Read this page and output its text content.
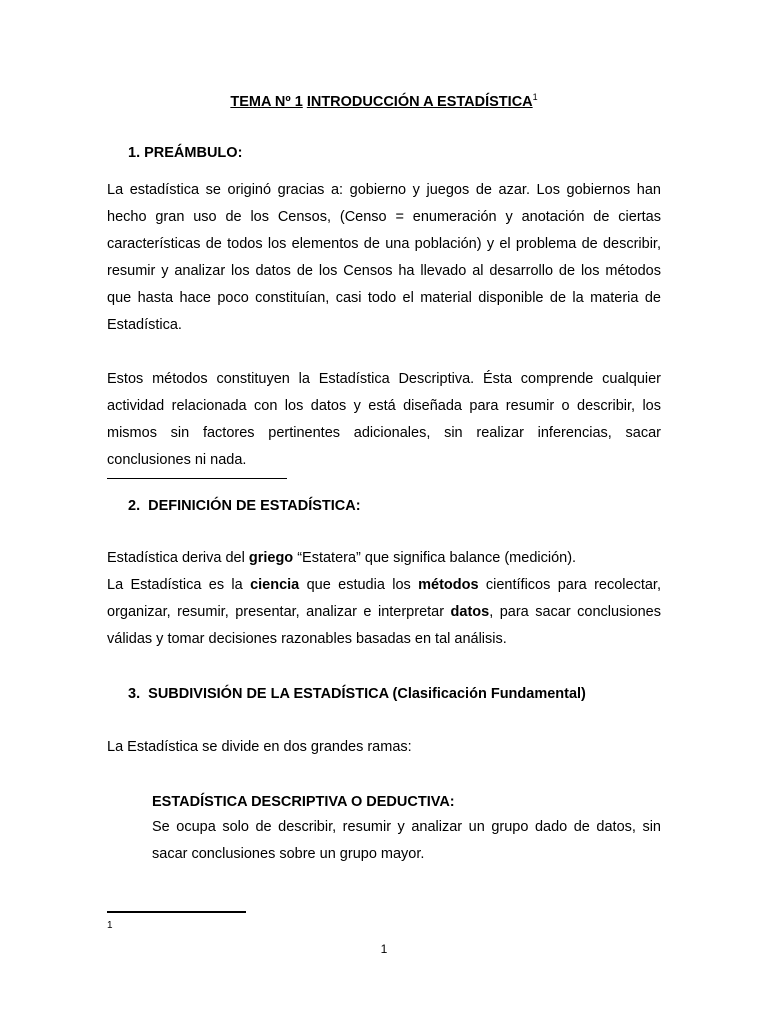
TEMA Nº 1 INTRODUCCIÓN A ESTADÍSTICA$^1$
1. PREÁMBULO:
La estadística se originó gracias a: gobierno y juegos de azar. Los gobiernos han hecho gran uso de los Censos, (Censo = enumeración y anotación de ciertas características de todos los elementos de una población) y el problema de describir, resumir y analizar los datos de los Censos ha llevado al desarrollo de los métodos que hasta hace poco constituían, casi todo el material disponible de la materia de Estadística.
Estos métodos constituyen la Estadística Descriptiva. Ésta comprende cualquier actividad relacionada con los datos y está diseñada para resumir o describir, los mismos sin factores pertinentes adicionales, sin realizar inferencias, sacar conclusiones ni nada.
2. DEFINICIÓN DE ESTADÍSTICA:
Estadística deriva del griego “Estatera” que significa balance (medición).
La Estadística es la ciencia que estudia los métodos científicos para recolectar, organizar, resumir, presentar, analizar e interpretar datos, para sacar conclusiones válidas y tomar decisiones razonables basadas en tal análisis.
3. SUBDIVISIÓN DE LA ESTADÍSTICA (Clasificación Fundamental)
La Estadística se divide en dos grandes ramas:
ESTADÍSTICA DESCRIPTIVA O DEDUCTIVA:
Se ocupa solo de describir, resumir y analizar un grupo dado de datos, sin sacar conclusiones sobre un grupo mayor.
1
1
